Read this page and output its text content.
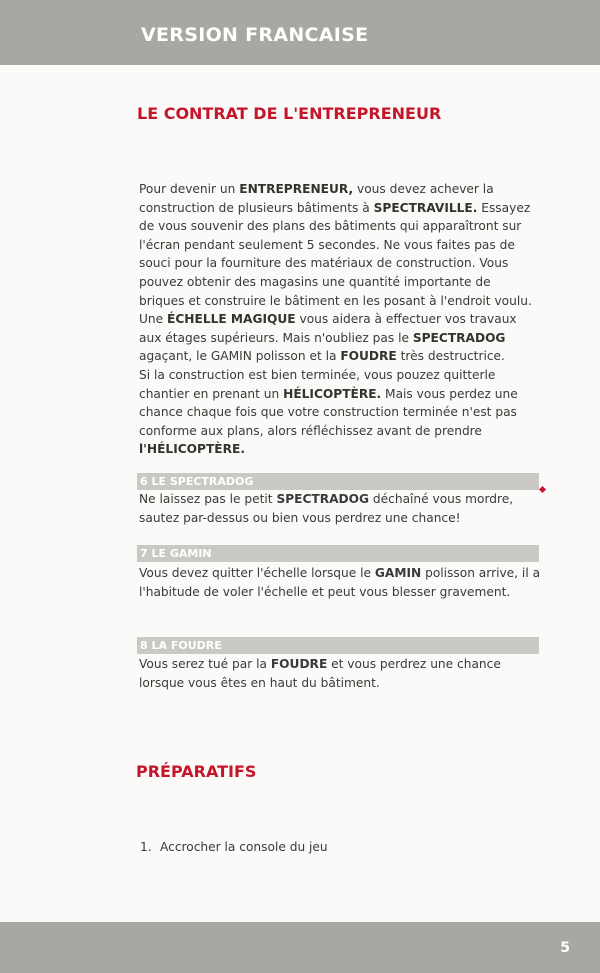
VERSION FRANCAISE
LE CONTRAT DE L'ENTREPRENEUR
Pour devenir un ENTREPRENEUR, vous devez achever la construction de plusieurs bâtiments à SPECTRAVILLE. Essayez de vous souvenir des plans des bâtiments qui apparaîtront sur l'écran pendant seulement 5 secondes. Ne vous faites pas de souci pour la fourniture des matériaux de construction. Vous pouvez obtenir des magasins une quantité importante de briques et construire le bâtiment en les posant à l'endroit voulu. Une ÉCHELLE MAGIQUE vous aidera à effectuer vos travaux aux étages supérieurs. Mais n'oubliez pas le SPECTRADOG agaçant, le GAMIN polisson et la FOUDRE très destructrice.
Si la construction est bien terminée, vous pouzez quitterle chantier en prenant un HÉLICOPTÈRE. Mais vous perdez une chance chaque fois que votre construction terminée n'est pas conforme aux plans, alors réfléchissez avant de prendre l'HÉLICOPTÈRE.
6 LE SPECTRADOG
Ne laissez pas le petit SPECTRADOG déchaîné vous mordre, sautez par-dessus ou bien vous perdrez une chance!
7 LE GAMIN
Vous devez quitter l'échelle lorsque le GAMIN polisson arrive, il a l'habitude de voler l'échelle et peut vous blesser gravement.
8 LA FOUDRE
Vous serez tué par la FOUDRE et vous perdrez une chance lorsque vous êtes en haut du bâtiment.
PRÉPARATIFS
1. Accrocher la console du jeu
5
